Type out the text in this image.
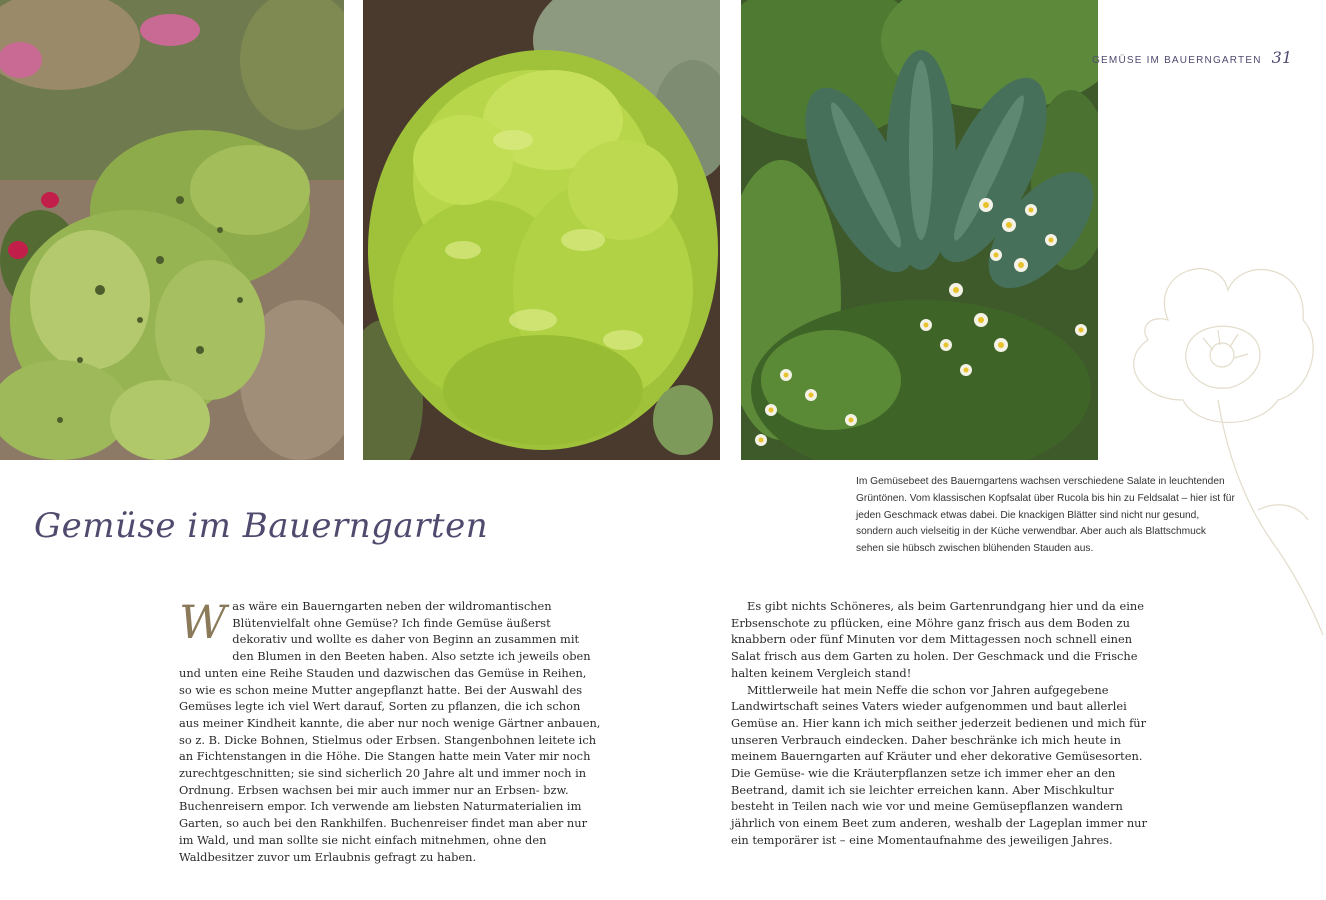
GEMÜSE IM BAUERNGARTEN 31
Im Gemüsebeet des Bauerngartens wachsen verschiedene Salate in leuchtenden Grüntönen. Vom klassischen Kopfsalat über Rucola bis hin zu Feldsalat – hier ist für jeden Geschmack etwas dabei. Die knackigen Blätter sind nicht nur gesund, sondern auch vielseitig in der Küche verwendbar. Aber auch als Blattschmuck sehen sie hübsch zwischen blühenden Stauden aus.
Gemüse im Bauerngarten

Was wäre ein Bauerngarten neben der wildromantischen Blütenvielfalt ohne Gemüse? Ich finde Gemüse äußerst dekorativ und wollte es daher von Beginn an zusammen mit den Blumen in den Beeten haben. Also setzte ich jeweils oben und unten eine Reihe Stauden und dazwischen das Gemüse in Reihen, so wie es schon meine Mutter angepflanzt hatte. Bei der Auswahl des Gemüses legte ich viel Wert darauf, Sorten zu pflanzen, die ich schon aus meiner Kindheit kannte, die aber nur noch wenige Gärtner anbauen, so z. B. Dicke Bohnen, Stielmus oder Erbsen. Stangenbohnen leitete ich an Fichtenstangen in die Höhe. Die Stangen hatte mein Vater mir noch zurechtgeschnitten; sie sind sicherlich 20 Jahre alt und immer noch in Ordnung. Erbsen wachsen bei mir auch immer nur an Erbsen- bzw. Buchenreisern empor. Ich verwende am liebsten Naturmaterialien im Garten, so auch bei den Rankhilfen. Buchenreiser findet man aber nur im Wald, und man sollte sie nicht einfach mitnehmen, ohne den Waldbesitzer zuvor um Erlaubnis gefragt zu haben.

Es gibt nichts Schöneres, als beim Gartenrundgang hier und da eine Erbsenschote zu pflücken, eine Möhre ganz frisch aus dem Boden zu knabbern oder fünf Minuten vor dem Mittagessen noch schnell einen Salat frisch aus dem Garten zu holen. Der Geschmack und die Frische halten keinem Vergleich stand!

Mittlerweile hat mein Neffe die schon vor Jahren aufgegebene Landwirtschaft seines Vaters wieder aufgenommen und baut allerlei Gemüse an. Hier kann ich mich seither jederzeit bedienen und mich für unseren Verbrauch eindecken. Daher beschränke ich mich heute in meinem Bauerngarten auf Kräuter und eher dekorative Gemüsesorten. Die Gemüse- wie die Kräuterpflanzen setze ich immer eher an den Beetrand, damit ich sie leichter erreichen kann. Aber Mischkultur besteht in Teilen nach wie vor und meine Gemüsepflanzen wandern jährlich von einem Beet zum anderen, weshalb der Lageplan immer nur ein temporärer ist – eine Momentaufnahme des jeweiligen Jahres.
